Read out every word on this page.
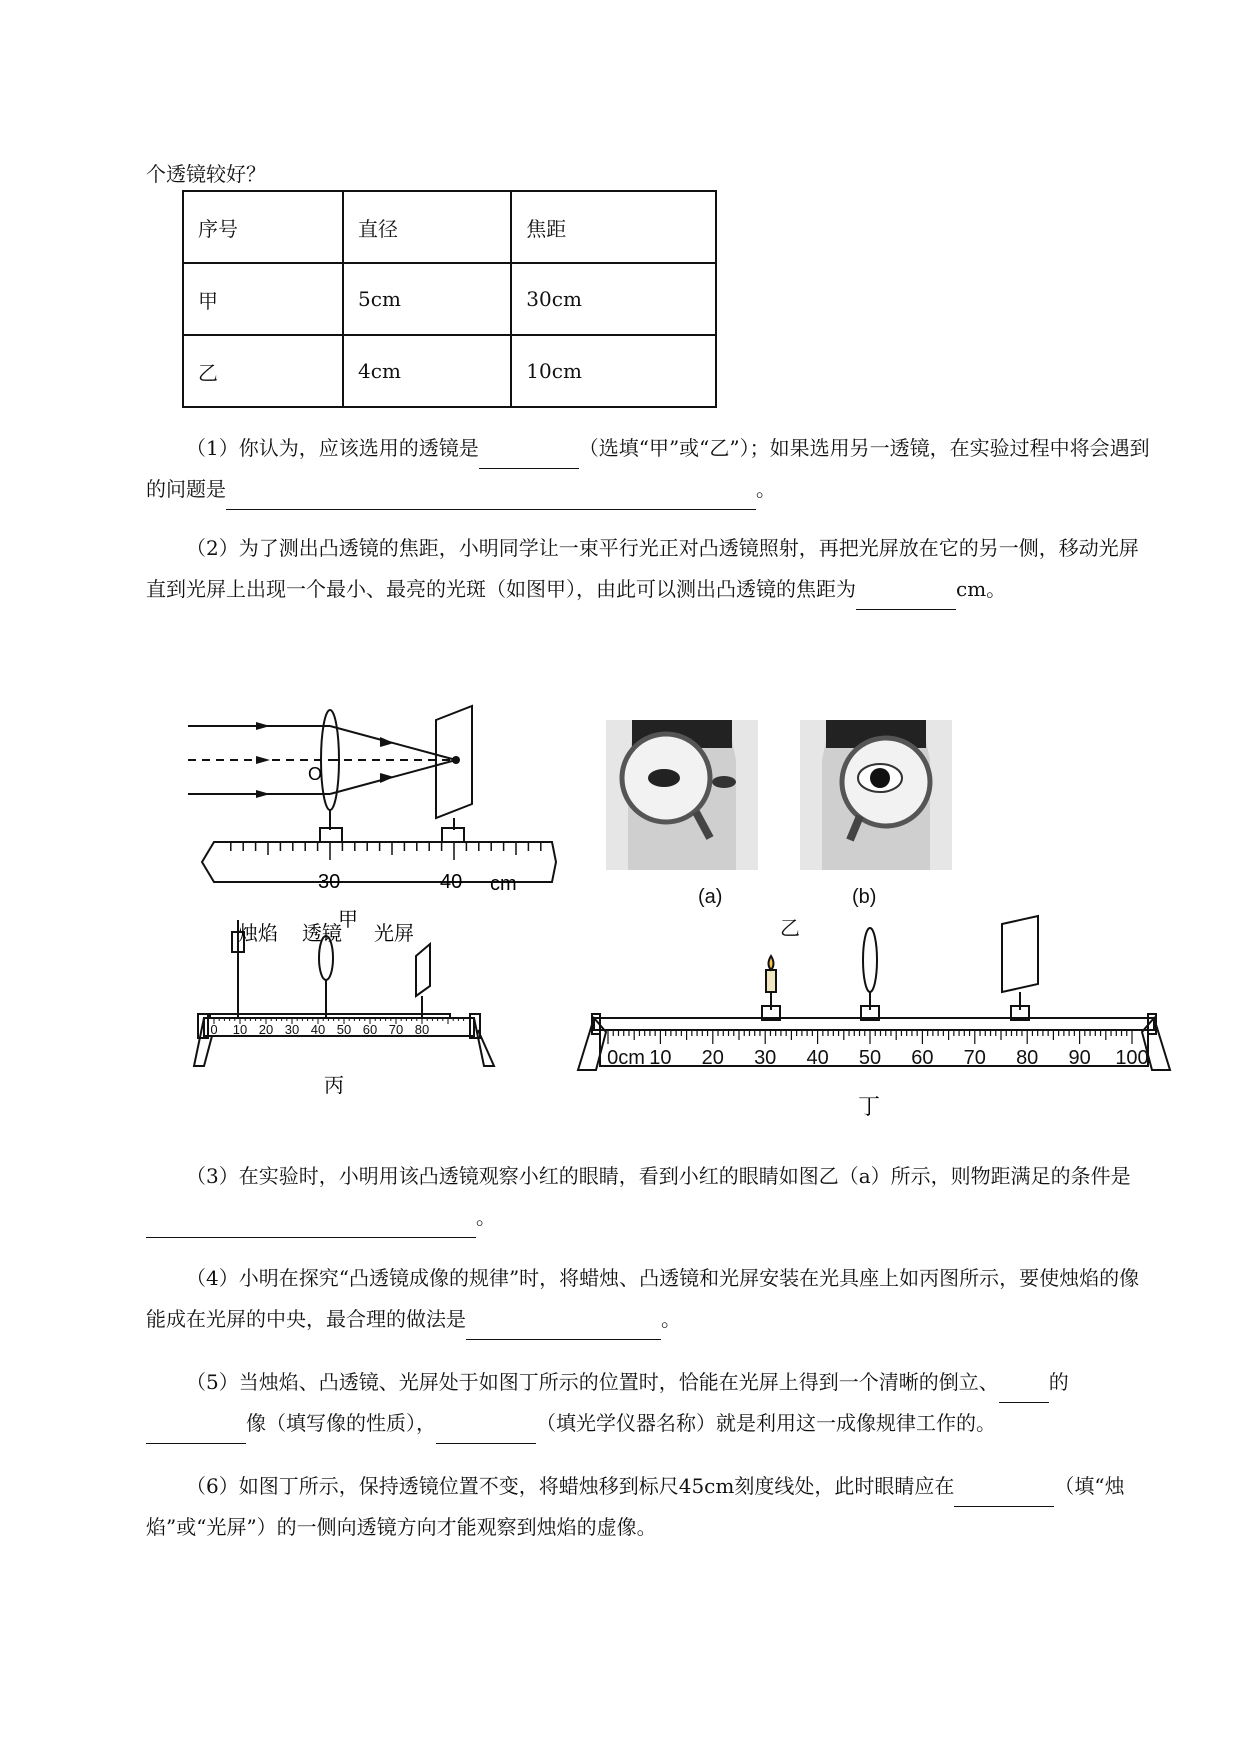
个透镜较好？
序号	直径	焦距
甲	5cm	30cm
乙	4cm	10cm
（1）你认为，应该选用的透镜是	（选填“甲”或“乙”）；如果选用另一透镜，在实验过程中将会遇到的问题是	。
（2）为了测出凸透镜的焦距，小明同学让一束平行光正对凸透镜照射，再把光屏放在它的另一侧，移动光屏直到光屏上出现一个最小、最亮的光斑（如图甲），由此可以测出凸透镜的焦距为	cm。
O
30	40 cm
甲
(a)	(b)
乙
0 10 20 30 40 50 60 70 80
烛焰 透镜 光屏
丙
0cm 10 20 30 40 50 60 70 80 90 100
丁
（3）在实验时，小明用该凸透镜观察小红的眼睛，看到小红的眼睛如图乙（a）所示，则物距满足的条件是。
（4）小明在探究“凸透镜成像的规律”时，将蜡烛、凸透镜和光屏安装在光具座上如丙图所示，要使烛焰的像能成在光屏的中央，最合理的做法是	。
（5）当烛焰、凸透镜、光屏处于如图丁所示的位置时，恰能在光屏上得到一个清晰的倒立、	的像（填写像的性质），	（填光学仪器名称）就是利用这一成像规律工作的。
（6）如图丁所示，保持透镜位置不变，将蜡烛移到标尺45cm刻度线处，此时眼睛应在	（填“烛焰”或“光屏”）的一侧向透镜方向才能观察到烛焰的虚像。
